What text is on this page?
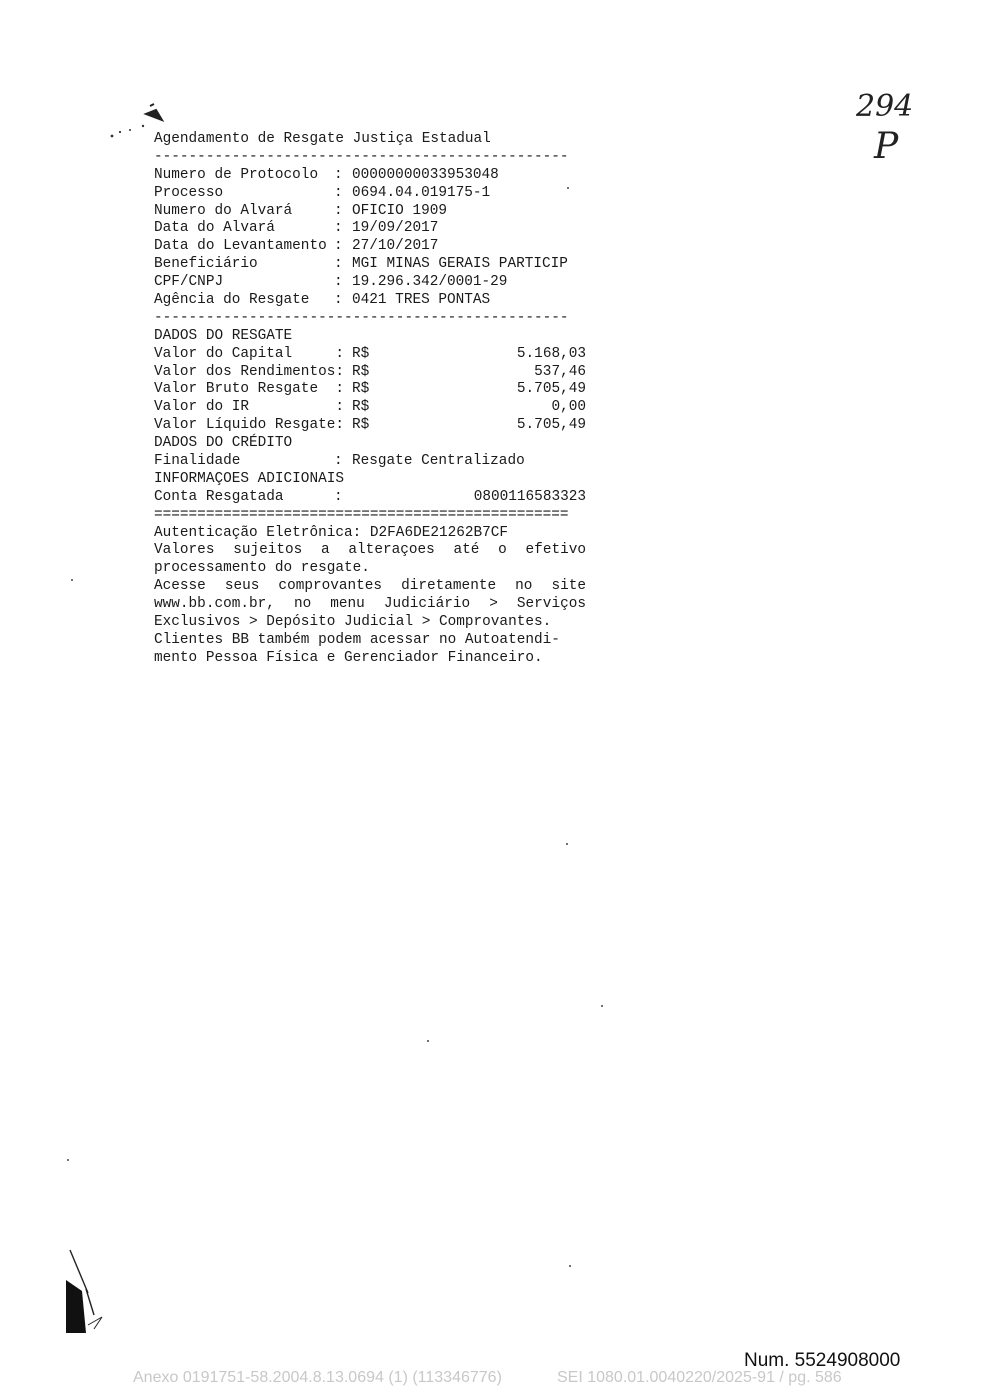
294
P
Agendamento de Resgate Justiça Estadual
------------------------------------------------
Numero de Protocolo	: 00000000033953048
Processo	: 0694.04.019175-1
Numero do Alvará	: OFICIO 1909
Data do Alvará	: 19/09/2017
Data do Levantamento : 27/10/2017
Beneficiário	: MGI MINAS GERAIS PARTICIP
CPF/CNPJ	: 19.296.342/0001-29
Agência do Resgate	: 0421 TRES PONTAS
------------------------------------------------
DADOS DO RESGATE
Valor do Capital     : R$	5.168,03
Valor dos Rendimentos: R$	537,46
Valor Bruto Resgate  : R$	5.705,49
Valor do IR          : R$	0,00
Valor Líquido Resgate: R$	5.705,49
DADOS DO CRÉDITO
Finalidade	: Resgate Centralizado
INFORMAÇOES ADICIONAIS
Conta Resgatada	:	0800116583323
================================================
Autenticação Eletrônica: D2FA6DE21262B7CF
Valores sujeitos a alteraçoes até o efetivo
processamento do resgate.
Acesse seus comprovantes diretamente no site
www.bb.com.br, no menu Judiciário > Serviços
Exclusivos > Depósito Judicial > Comprovantes.
Clientes BB também podem acessar no Autoatendi-
mento Pessoa Física e Gerenciador Financeiro.
Num. 5524908000
Anexo 0191751-58.2004.8.13.0694 (1) (113346776)	SEI 1080.01.0040220/2025-91 / pg. 586
